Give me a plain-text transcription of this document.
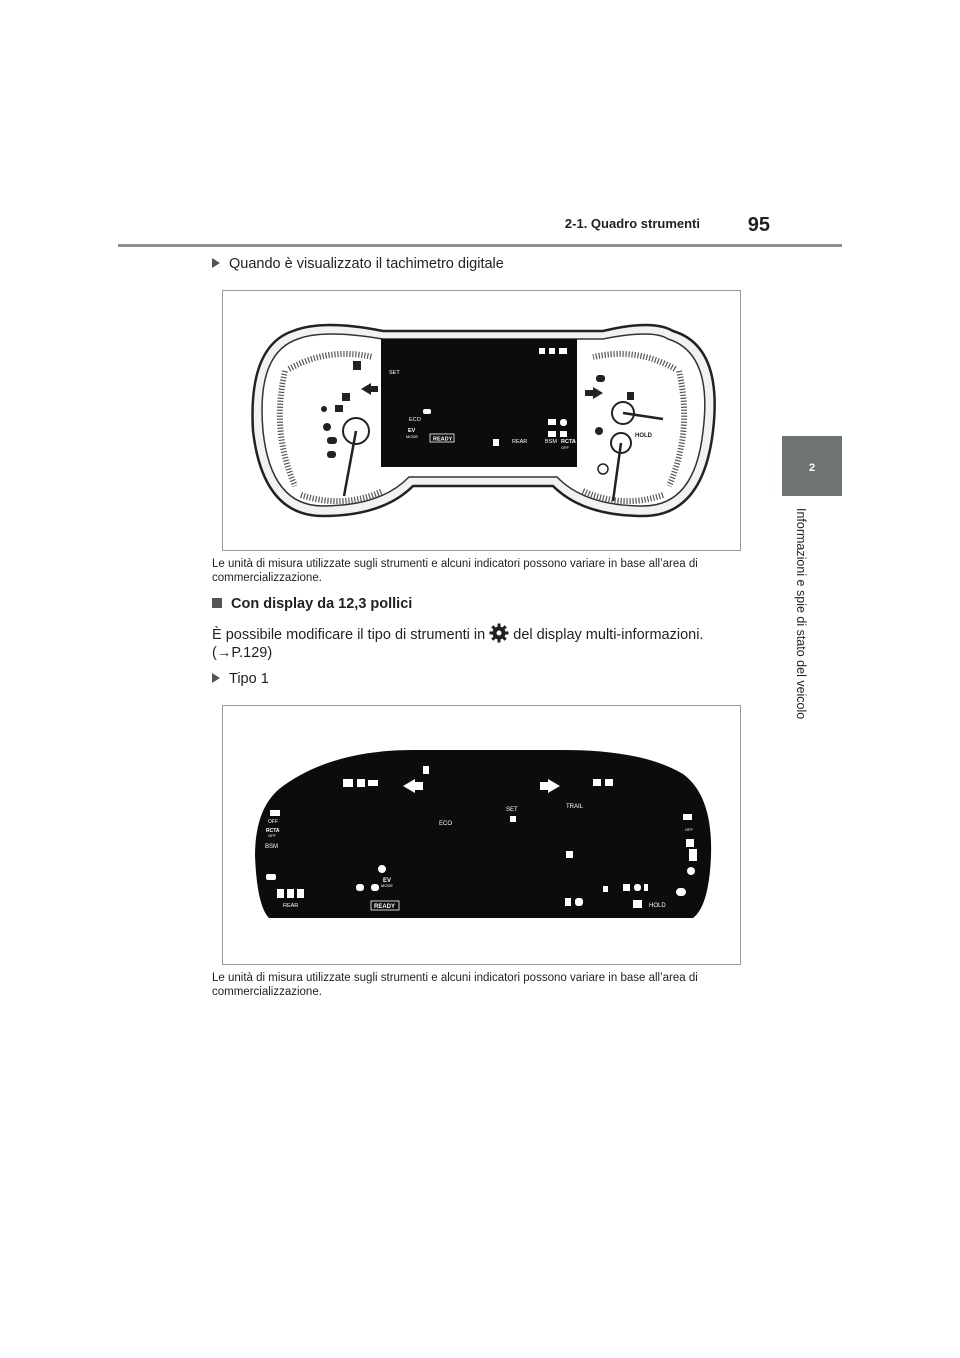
2-1. Quadro strumenti	95
2
Informazioni e spie di stato del veicolo
Quando è visualizzato il tachimetro digitale
SET
ECO
EV
MODE
REAR	BSM RCTA
OFF
READY
HOLD
Le unità di misura utilizzate sugli strumenti e alcuni indicatori possono variare in base all’area di commercializzazione.
Con display da 12,3 pollici
È possibile modificare il tipo di strumenti in del display multi-informazioni.
(→P.129)
Tipo 1
SET	TRAIL
ECO
OFF
RCTA
OFF
BSM
EV
MODE
REAR	HOLD
OFF
READY
Le unità di misura utilizzate sugli strumenti e alcuni indicatori possono variare in base all’area di commercializzazione.
